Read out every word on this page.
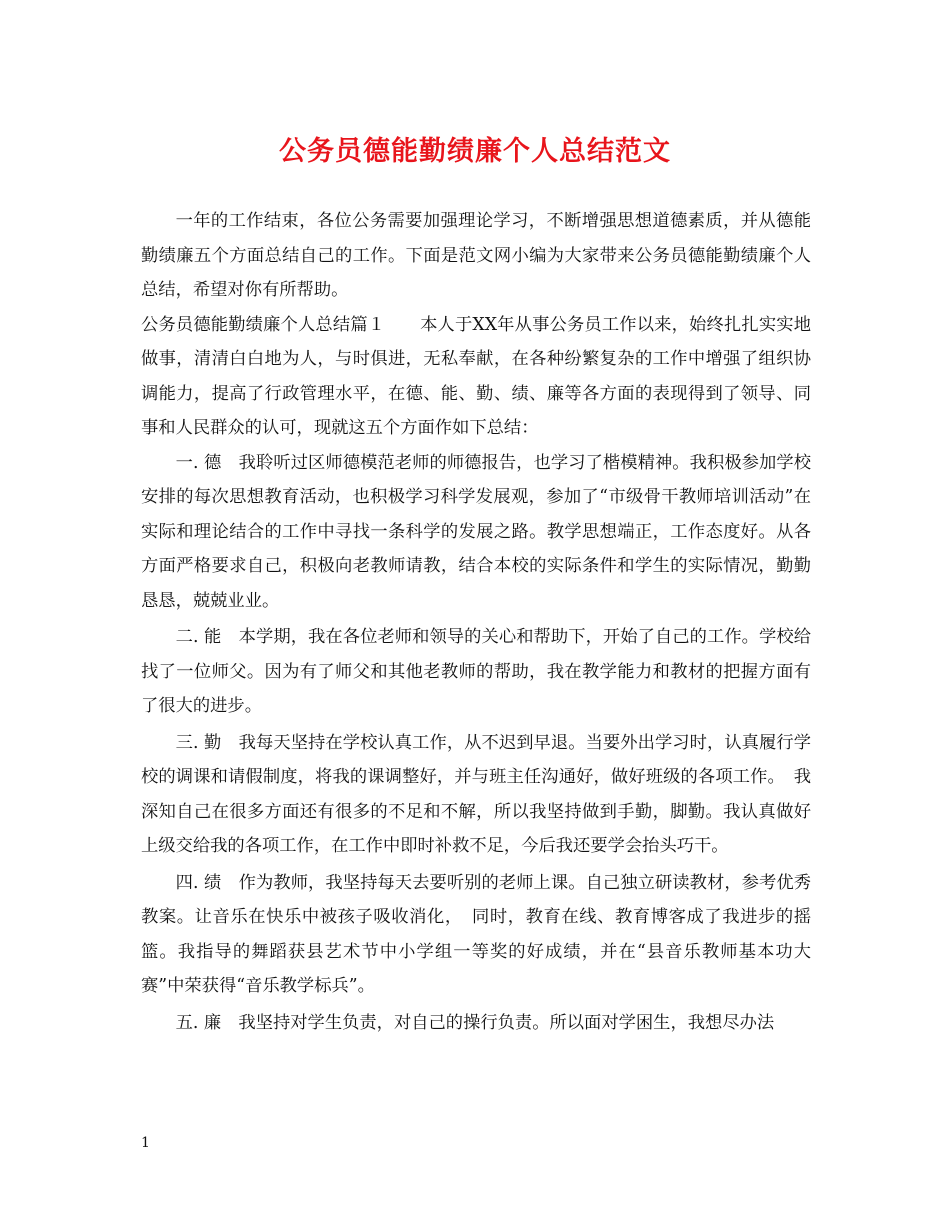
公务员德能勤绩廉个人总结范文

一年的工作结束，各位公务需要加强理论学习，不断增强思想道德素质，并从德能勤绩廉五个方面总结自己的工作。下面是范文网小编为大家带来公务员德能勤绩廉个人总结，希望对你有所帮助。

公务员德能勤绩廉个人总结篇１　　本人于XX年从事公务员工作以来，始终扎扎实实地做事，清清白白地为人，与时俱进，无私奉献，在各种纷繁复杂的工作中增强了组织协调能力，提高了行政管理水平，在德、能、勤、绩、廉等各方面的表现得到了领导、同事和人民群众的认可，现就这五个方面作如下总结：

一. 德　我聆听过区师德模范老师的师德报告，也学习了楷模精神。我积极参加学校安排的每次思想教育活动，也积极学习科学发展观，参加了“市级骨干教师培训活动”在实际和理论结合的工作中寻找一条科学的发展之路。教学思想端正，工作态度好。从各方面严格要求自己，积极向老教师请教，结合本校的实际条件和学生的实际情况，勤勤恳恳，兢兢业业。

二. 能　本学期，我在各位老师和领导的关心和帮助下，开始了自己的工作。学校给找了一位师父。因为有了师父和其他老教师的帮助，我在教学能力和教材的把握方面有了很大的进步。

三. 勤　我每天坚持在学校认真工作，从不迟到早退。当要外出学习时，认真履行学校的调课和请假制度，将我的课调整好，并与班主任沟通好，做好班级的各项工作。　我深知自己在很多方面还有很多的不足和不解，所以我坚持做到手勤，脚勤。我认真做好上级交给我的各项工作，在工作中即时补救不足，今后我还要学会抬头巧干。

四. 绩　作为教师，我坚持每天去要听别的老师上课。自己独立研读教材，参考优秀教案。让音乐在快乐中被孩子吸收消化，　同时，教育在线、教育博客成了我进步的摇篮。我指导的舞蹈获县艺术节中小学组一等奖的好成绩，并在“县音乐教师基本功大赛”中荣获得“音乐教学标兵”。

五. 廉　我坚持对学生负责，对自己的操行负责。所以面对学困生，我想尽办法

1
